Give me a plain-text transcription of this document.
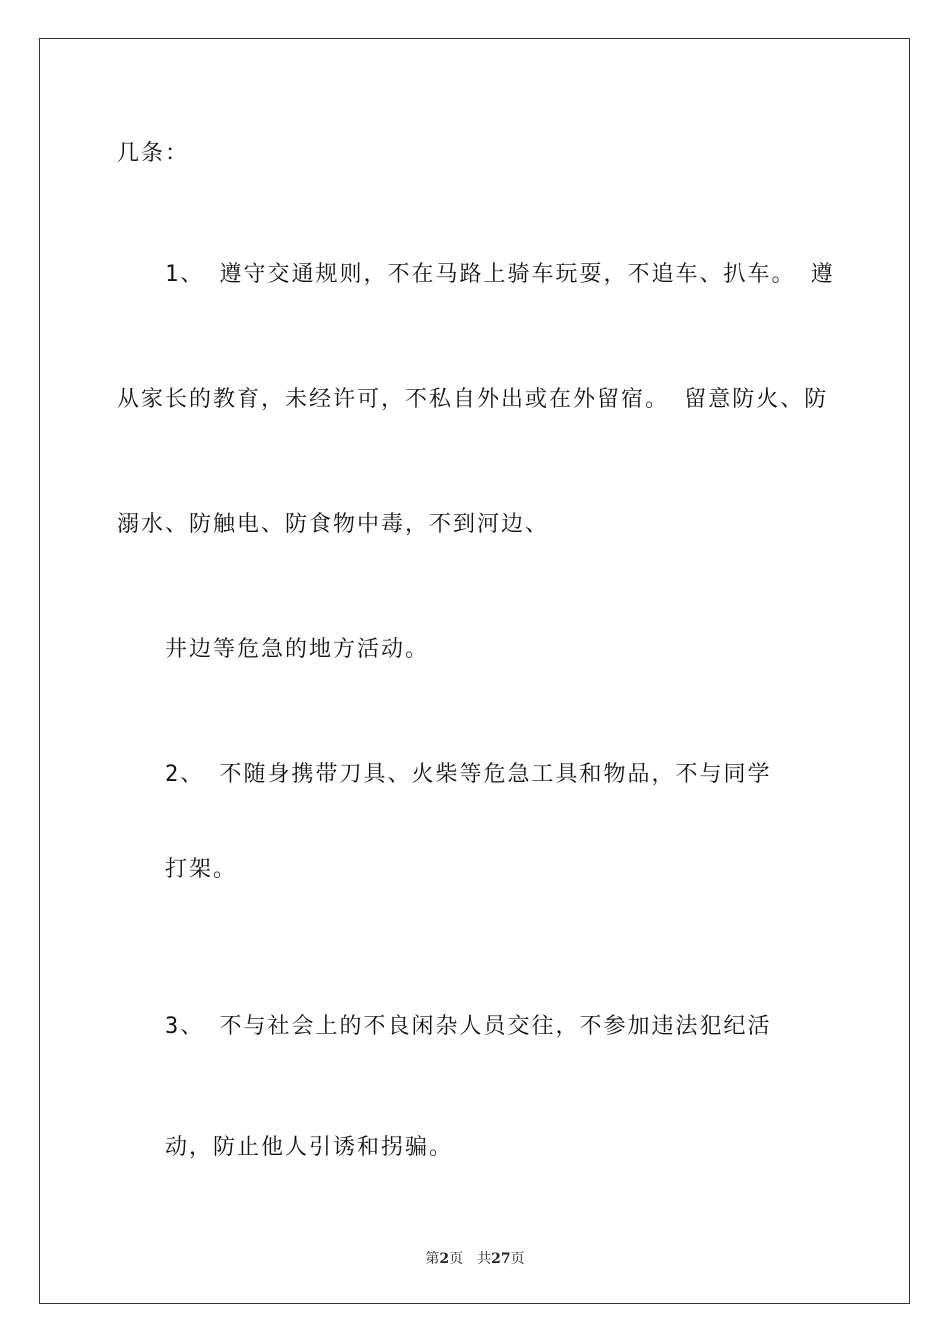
几条：
1、 遵守交通规则，不在马路上骑车玩耍，不追车、扒车。 遵
从家长的教育，未经许可，不私自外出或在外留宿。 留意防火、防
溺水、防触电、防食物中毒，不到河边、
井边等危急的地方活动。
2、 不随身携带刀具、火柴等危急工具和物品，不与同学
打架。
3、 不与社会上的不良闲杂人员交往，不参加违法犯纪活
动，防止他人引诱和拐骗。
第2页 共27页
